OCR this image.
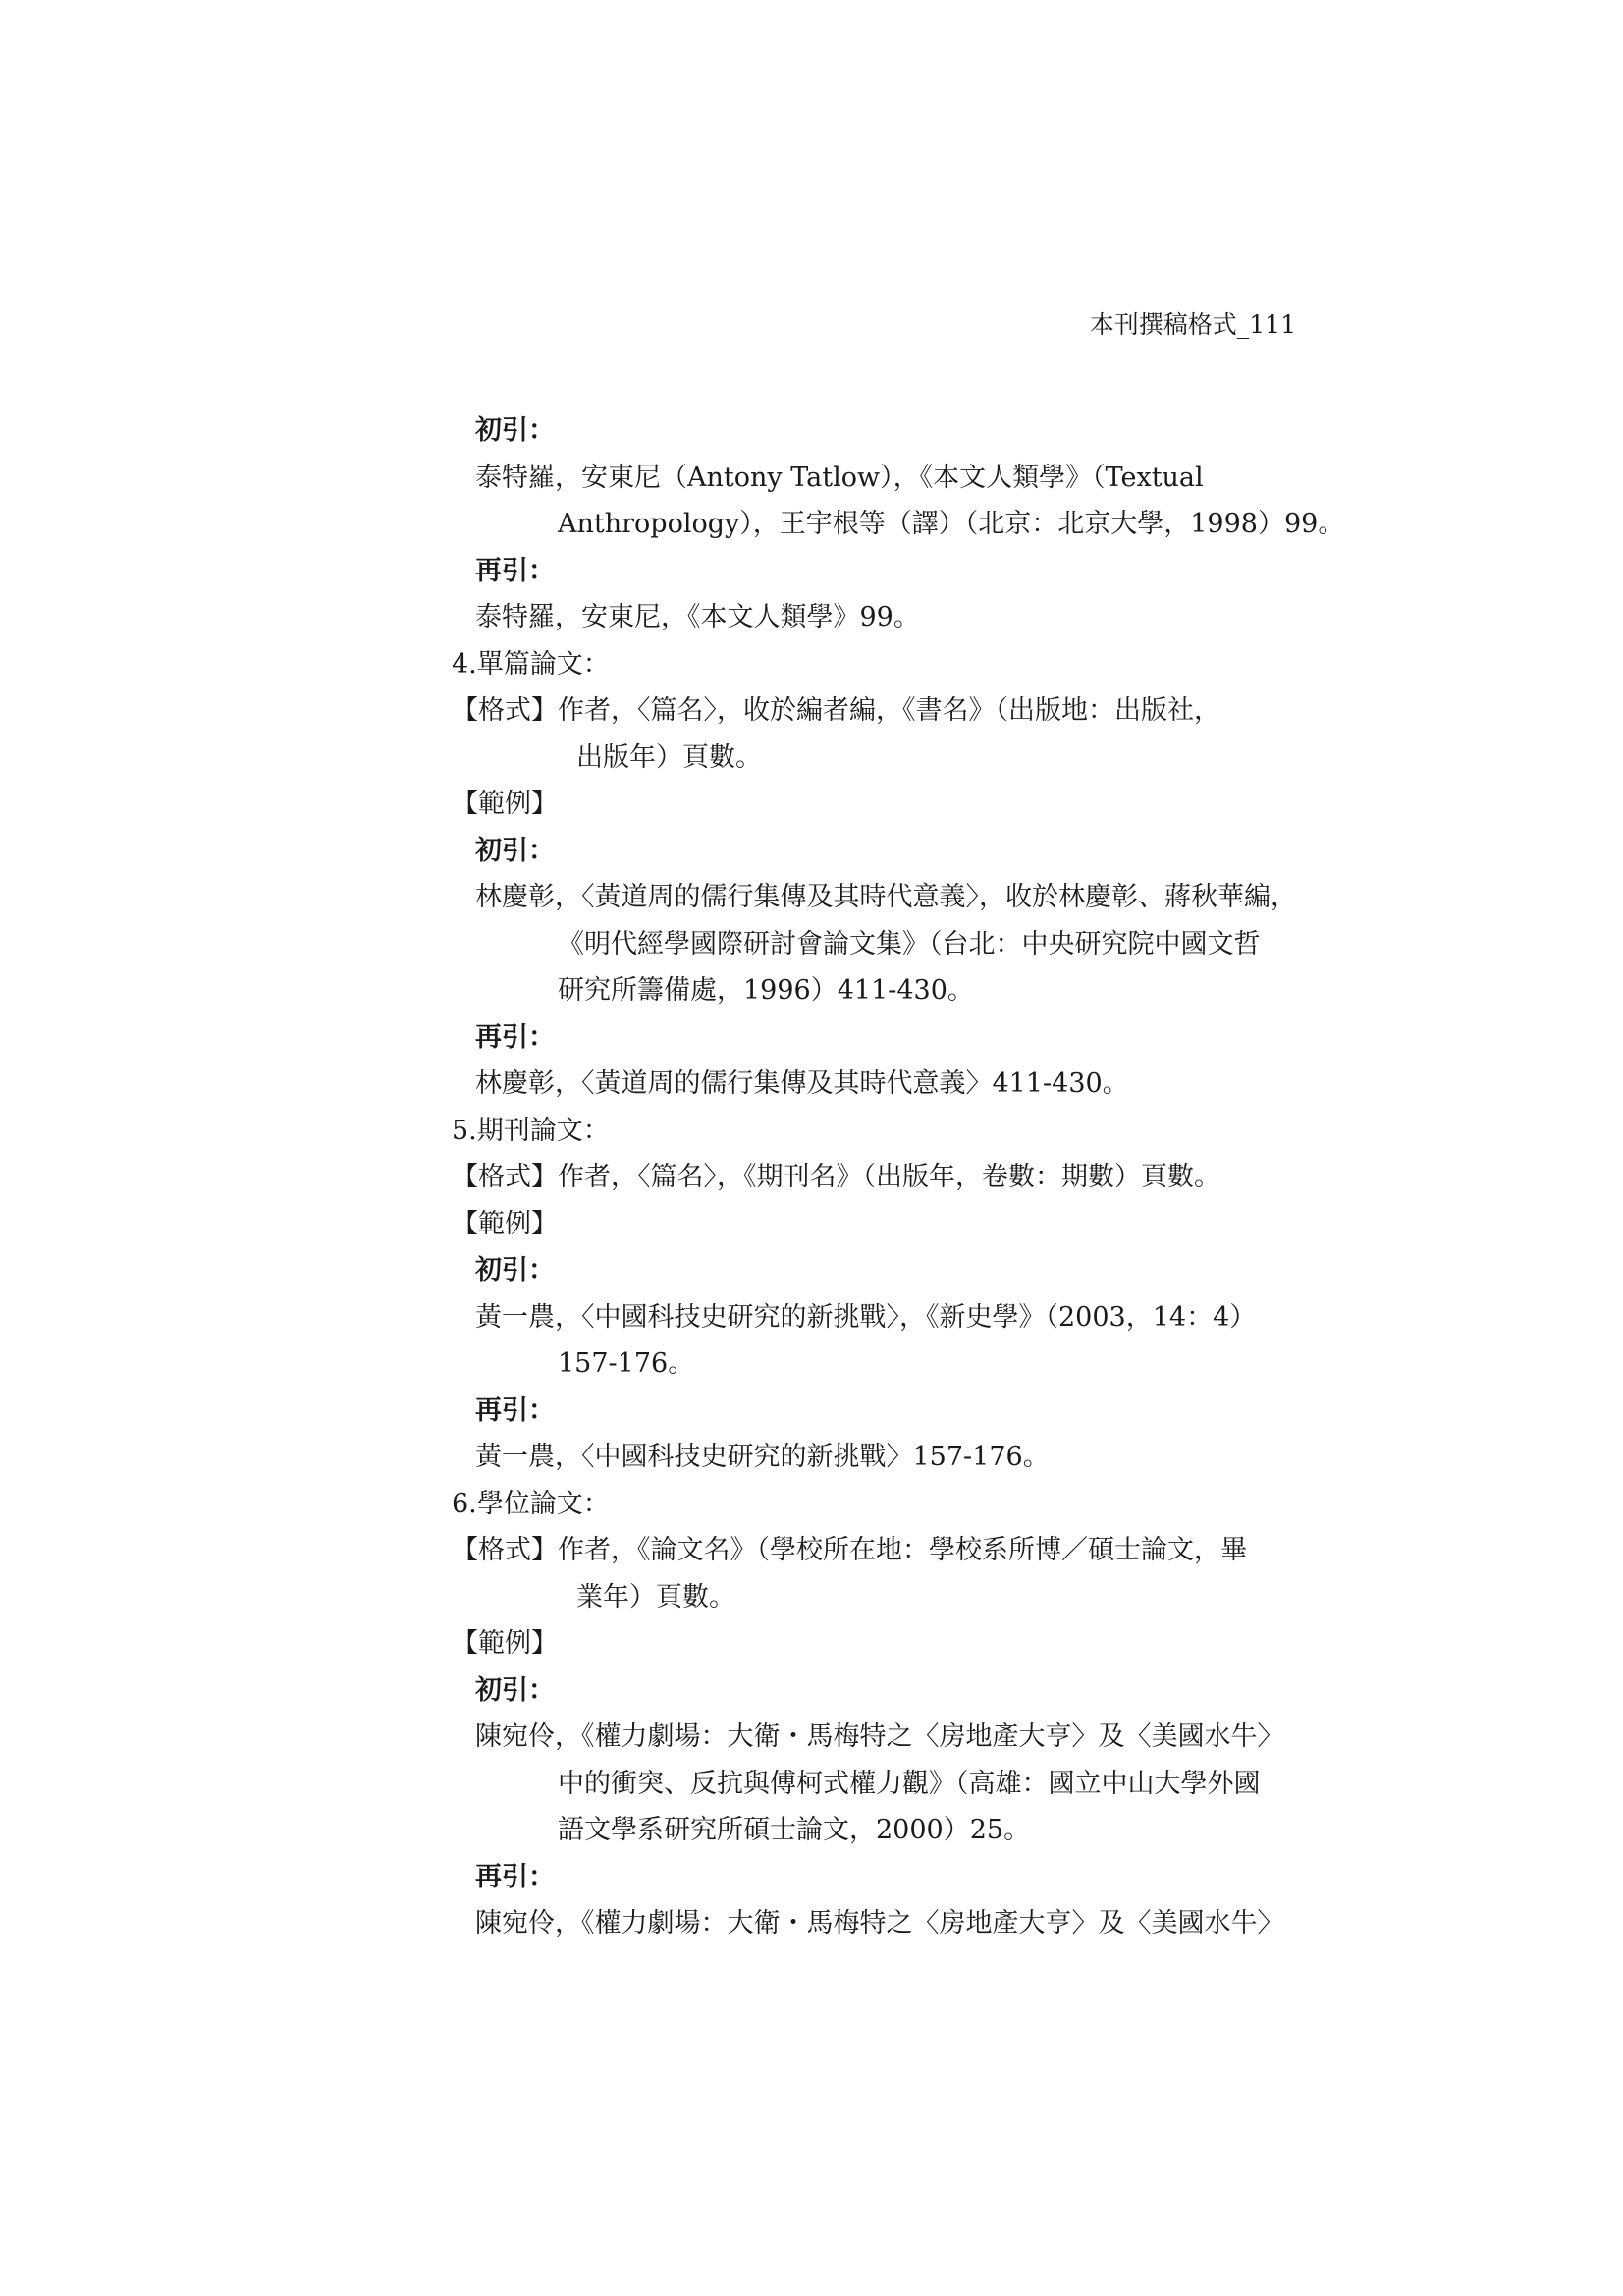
本刊撰稿格式_111
初引：
泰特羅，安東尼（Antony Tatlow），《本文人類學》（Textual
Anthropology），王宇根等（譯）（北京：北京大學，1998）99。
再引：
泰特羅，安東尼，《本文人類學》99。
4.單篇論文：
【格式】作者，〈篇名〉，收於編者編，《書名》（出版地：出版社，
出版年）頁數。
【範例】
初引：
林慶彰，〈黃道周的儒行集傳及其時代意義〉，收於林慶彰、蔣秋華編，
《明代經學國際研討會論文集》（台北：中央研究院中國文哲
研究所籌備處，1996）411-430。
再引：
林慶彰，〈黃道周的儒行集傳及其時代意義〉411-430。
5.期刊論文：
【格式】作者，〈篇名〉，《期刊名》（出版年，卷數：期數）頁數。
【範例】
初引：
黃一農，〈中國科技史研究的新挑戰〉，《新史學》（2003，14：4）
157-176。
再引：
黃一農，〈中國科技史研究的新挑戰〉157-176。
6.學位論文：
【格式】作者，《論文名》（學校所在地：學校系所博／碩士論文，畢
業年）頁數。
【範例】
初引：
陳宛伶，《權力劇場：大衛・馬梅特之〈房地產大亨〉及〈美國水牛〉
中的衝突、反抗與傅柯式權力觀》（高雄：國立中山大學外國
語文學系研究所碩士論文，2000）25。
再引：
陳宛伶，《權力劇場：大衛・馬梅特之〈房地產大亨〉及〈美國水牛〉
